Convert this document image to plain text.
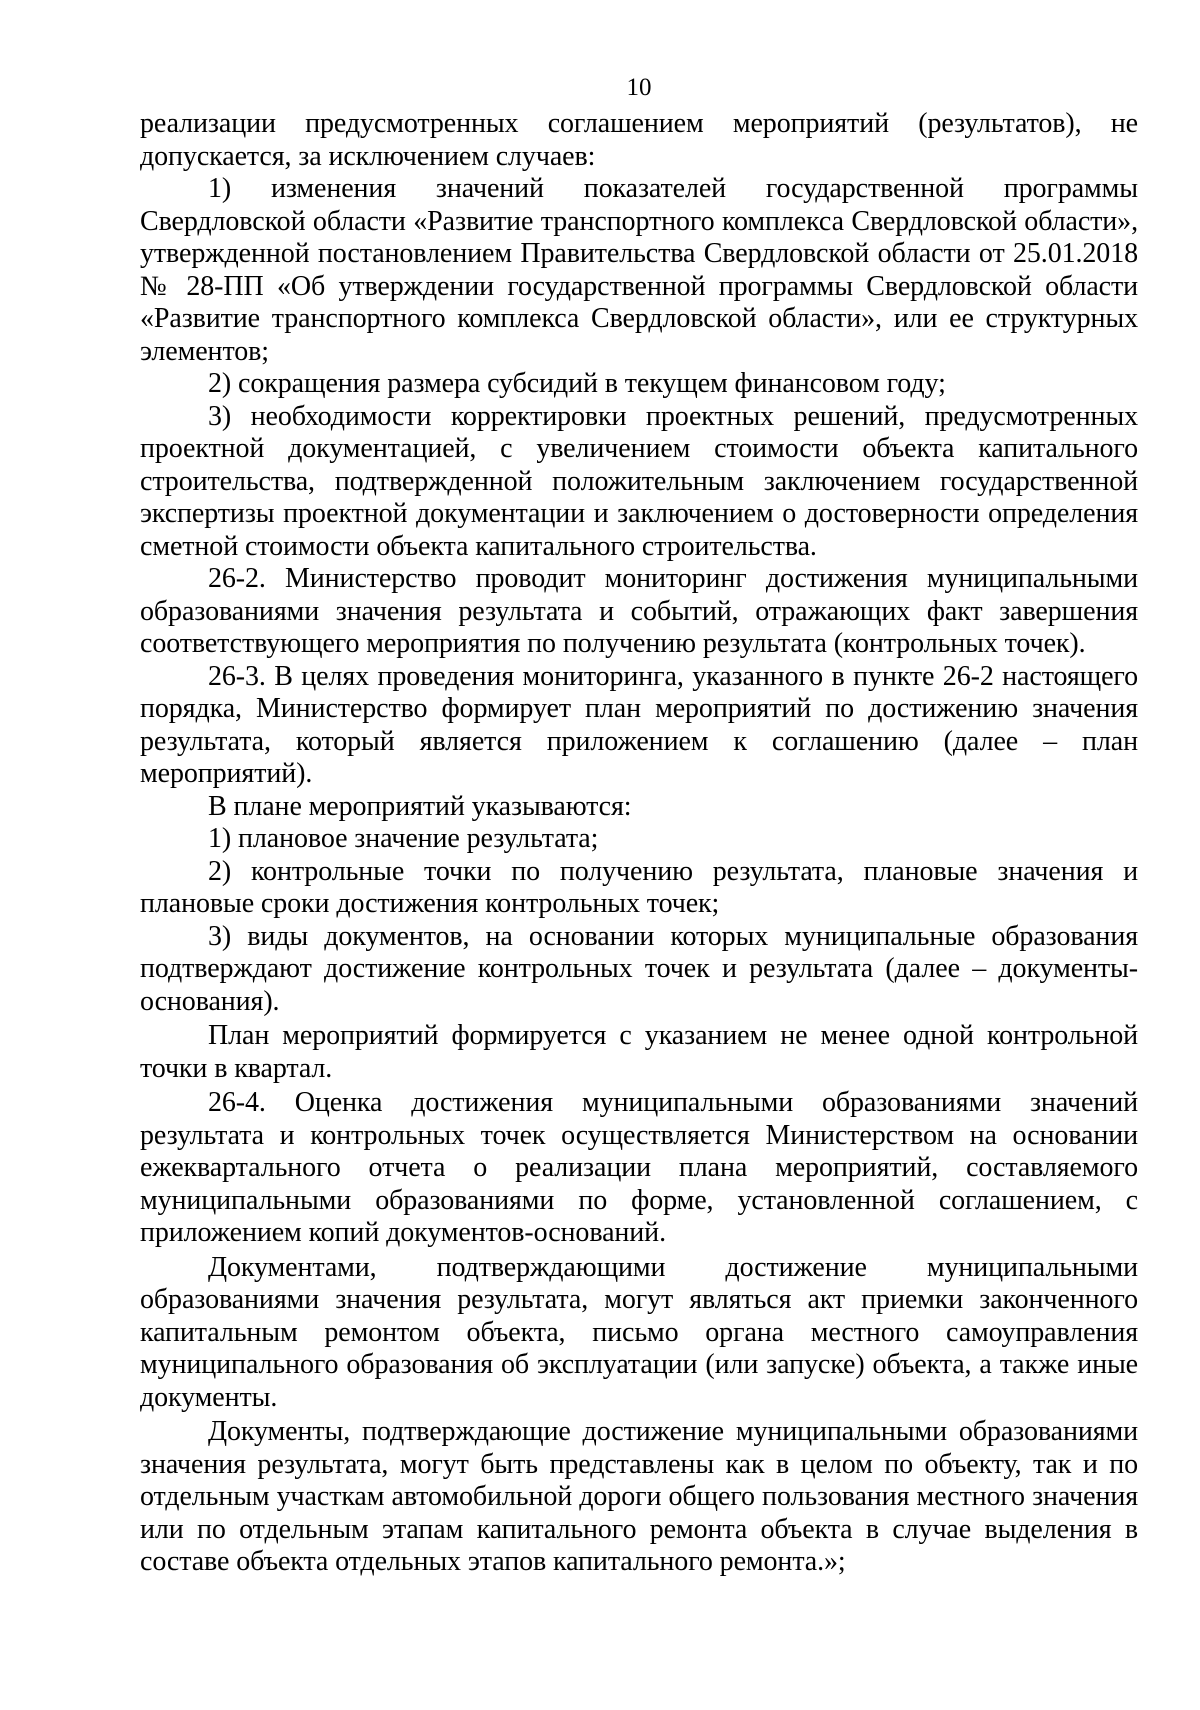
10

реализации предусмотренных соглашением мероприятий (результатов), не допускается, за исключением случаев:

1) изменения значений показателей государственной программы Свердловской области «Развитие транспортного комплекса Свердловской области», утвержденной постановлением Правительства Свердловской области от 25.01.2018 № 28-ПП «Об утверждении государственной программы Свердловской области «Развитие транспортного комплекса Свердловской области», или ее структурных элементов;

2) сокращения размера субсидий в текущем финансовом году;

3) необходимости корректировки проектных решений, предусмотренных проектной документацией, с увеличением стоимости объекта капитального строительства, подтвержденной положительным заключением государственной экспертизы проектной документации и заключением о достоверности определения сметной стоимости объекта капитального строительства.

26-2. Министерство проводит мониторинг достижения муниципальными образованиями значения результата и событий, отражающих факт завершения соответствующего мероприятия по получению результата (контрольных точек).

26-3. В целях проведения мониторинга, указанного в пункте 26-2 настоящего порядка, Министерство формирует план мероприятий по достижению значения результата, который является приложением к соглашению (далее – план мероприятий).

В плане мероприятий указываются:

1) плановое значение результата;

2) контрольные точки по получению результата, плановые значения и плановые сроки достижения контрольных точек;

3) виды документов, на основании которых муниципальные образования подтверждают достижение контрольных точек и результата (далее – документы-основания).

План мероприятий формируется с указанием не менее одной контрольной точки в квартал.

26-4. Оценка достижения муниципальными образованиями значений результата и контрольных точек осуществляется Министерством на основании ежеквартального отчета о реализации плана мероприятий, составляемого муниципальными образованиями по форме, установленной соглашением, с приложением копий документов-оснований.

Документами, подтверждающими достижение муниципальными образованиями значения результата, могут являться акт приемки законченного капитальным ремонтом объекта, письмо органа местного самоуправления муниципального образования об эксплуатации (или запуске) объекта, а также иные документы.

Документы, подтверждающие достижение муниципальными образованиями значения результата, могут быть представлены как в целом по объекту, так и по отдельным участкам автомобильной дороги общего пользования местного значения или по отдельным этапам капитального ремонта объекта в случае выделения в составе объекта отдельных этапов капитального ремонта.»;
